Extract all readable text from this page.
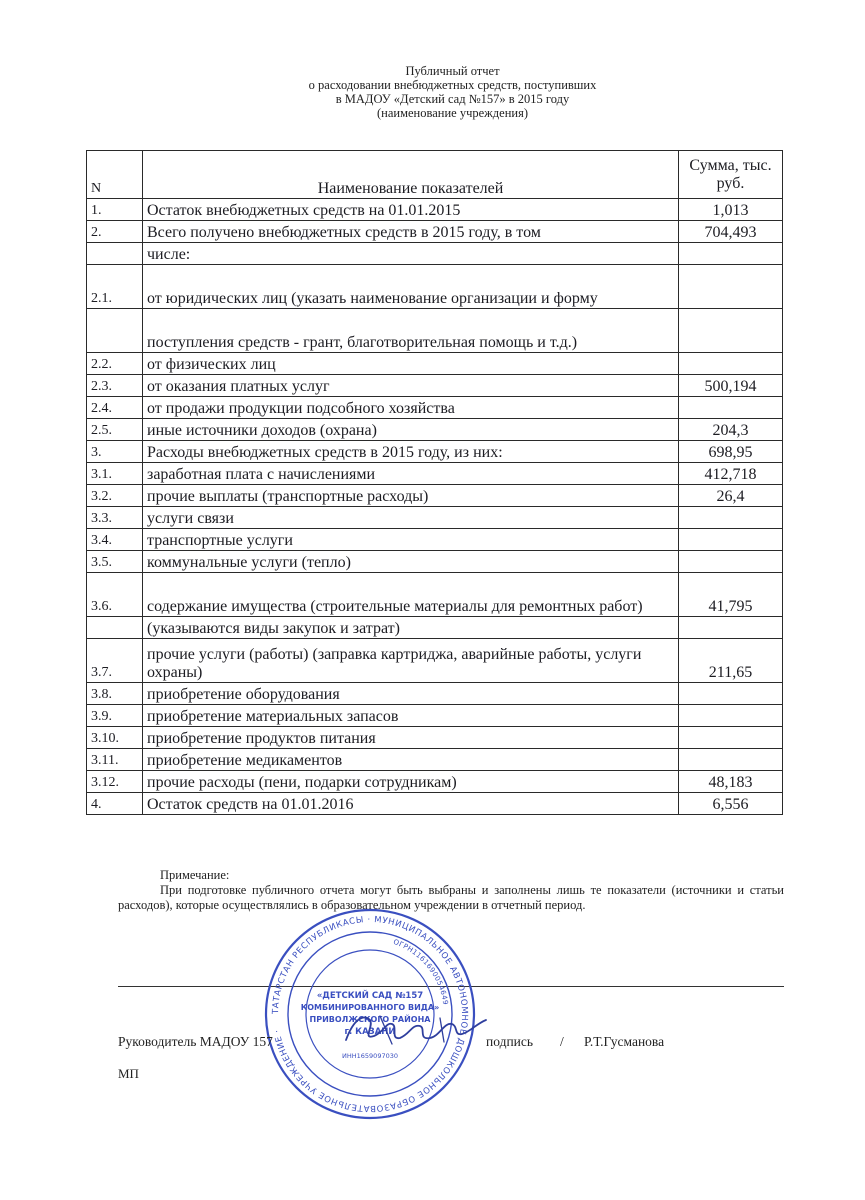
Публичный отчет
о расходовании внебюджетных средств, поступивших
в МАДОУ «Детский сад №157» в 2015 году
(наименование учреждения)
N	Наименование показателей	Сумма, тыс. руб.
1.	Остаток внебюджетных средств на 01.01.2015	1,013
2.	Всего получено внебюджетных средств в 2015 году, в том	704,493
	числе:	
2.1.	от юридических лиц (указать наименование организации и форму	
	поступления средств - грант, благотворительная помощь и т.д.)	
2.2.	от физических лиц	
2.3.	от оказания платных услуг	500,194
2.4.	от продажи продукции подсобного хозяйства	
2.5.	иные источники доходов (охрана)	204,3
3.	Расходы внебюджетных средств в 2015 году, из них:	698,95
3.1.	заработная плата с начислениями	412,718
3.2.	прочие выплаты (транспортные расходы)	26,4
3.3.	услуги связи	
3.4.	транспортные услуги	
3.5.	коммунальные услуги (тепло)	
3.6.	содержание имущества (строительные материалы для ремонтных работ)	41,795
	(указываются виды закупок и затрат)	
3.7.	прочие услуги (работы) (заправка картриджа, аварийные работы, услуги охраны)	211,65
3.8.	приобретение оборудования	
3.9.	приобретение материальных запасов	
3.10.	приобретение продуктов питания	
3.11.	приобретение медикаментов	
3.12.	прочие расходы (пени, подарки сотрудникам)	48,183
4.	Остаток средств на 01.01.2016	6,556
Примечание:
При подготовке публичного отчета могут быть выбраны и заполнены лишь те показатели (источники и статьи расходов), которые осуществлялись в образовательном учреждении в отчетный период.
ТАТАРСТАН РЕСПУБЛИКАСЫ · МУНИЦИПАЛЬНОЕ АВТОНОМНОЕ ДОШКОЛЬНОЕ ОБРАЗОВАТЕЛЬНОЕ УЧРЕЖДЕНИЕ ·
ОГРН1161690054649
«ДЕТСКИЙ САД №157
КОМБИНИРОВАННОГО ВИДА»
ПРИВОЛЖСКОГО РАЙОНА
г. КАЗАНИ
ИНН1659097030
Руководитель МАДОУ 157	подпись / Р.Т.Гусманова
МП
